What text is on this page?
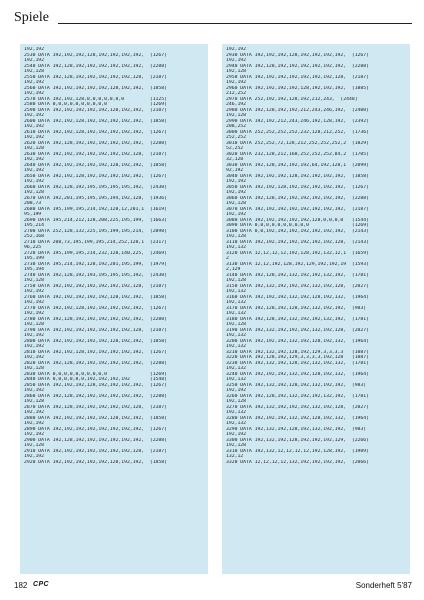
Spiele
192,192
2530 DATA 192,192,192,128,192,192,192,192,  [1267]
192,192
2540 DATA 192,128,192,192,192,192,192,192,  [2288]
192,128
2550 DATA 192,128,192,192,192,192,192,128,  [2187]
192,192
2560 DATA 192,192,192,192,192,128,192,192,  [1858]
192,192
2570 DATA 192,192,128,0,0,0,0,0,0,0         [1125]
2580 DATA 0,0,0,0,0,0,0,0,0,0               [1269]
2590 DATA 192,192,192,192,192,128,192,192,  [2187]
192,192
2600 DATA 192,192,128,192,192,192,192,192,  [1858]
192,192
2610 DATA 192,192,128,192,192,192,192,192,  [1267]
192,192
2620 DATA 192,128,192,192,192,192,192,192,  [2288]
192,128
2630 DATA 192,192,192,192,192,192,192,128,  [2187]
192,192
2640 DATA 192,192,192,192,192,128,192,192,  [1858]
192,192
2650 DATA 192,192,128,192,192,192,192,192,  [1267]
192,192
2660 DATA 192,128,192,195,195,195,195,192,  [2430]
192,128
2670 DATA 192,201,195,195,195,194,192,128,  [1936]
208,73
2680 DATA 195,199,195,214,192,128,12,201,1  [1619]
95,199
2690 DATA 195,214,212,128,208,225,195,199,  [1663]
195,214
2700 DATA 252,128,132,225,195,199,195,214,  [2098]
252,168
2710 DATA 208,73,195,199,195,214,252,128,1  [2317]
96,225
2720 DATA 195,199,195,214,232,128,140,225,  [2469]
195,199
2730 DATA 195,214,192,128,192,201,195,199,  [1979]
195,194
2740 DATA 192,128,192,193,195,195,195,192,  [2430]
192,128
2750 DATA 192,192,192,192,192,192,192,128,  [2187]
192,192
2760 DATA 192,192,192,192,192,128,192,192,  [1858]
192,192
2770 DATA 192,192,128,192,192,192,192,192,  [1267]
192,192
2780 DATA 192,128,192,192,192,192,192,192,  [2288]
192,128
2790 DATA 192,192,192,192,192,192,192,128,  [2187]
192,192
2800 DATA 192,192,192,192,192,128,192,192,  [1858]
192,192
2810 DATA 192,192,128,192,192,192,192,192,  [1267]
192,192
2820 DATA 192,128,192,192,192,192,192,192,  [2288]
192,128
2830 DATA 0,0,0,0,0,0,0,0,0,0               [1269]
2840 DATA 0,0,0,0,0,0,192,192,192,192       [1548]
2850 DATA 192,192,192,128,192,192,192,192,  [1267]
192,192
2860 DATA 192,128,192,192,192,192,192,192,  [2288]
192,128
2870 DATA 192,128,192,192,192,192,192,128,  [2187]
192,192
2880 DATA 192,192,192,192,192,128,192,192,  [1858]
192,192
2890 DATA 192,192,192,192,192,192,192,192,  [1267]
192,192
2900 DATA 192,128,192,192,192,192,192,192,  [2288]
192,128
2910 DATA 192,192,192,192,192,192,192,128,  [2187]
192,192
2920 DATA 192,192,192,192,192,128,192,192,  [1858]
192,192
2930 DATA 192,192,192,128,192,192,192,192,  [1267]
192,192
2940 DATA 192,128,192,192,192,192,192,192,  [2288]
192,128
2950 DATA 192,192,192,192,192,192,192,128,  [2187]
192,192
2960 DATA 192,192,192,192,128,192,192,192,  [1885]
212,252
2970 DATA 252,192,192,128,192,212,243,  [2448]
246,192
2980 DATA 192,128,192,192,212,243,246,192,  [2400]
192,128
2990 DATA 192,192,212,243,246,192,128,192,  [2392]
208,252
3000 DATA 252,252,252,252,232,128,212,252,  [1736]
252,252
3010 DATA 252,252,72,128,212,252,252,252,2  [1829]
52,252
3020 DATA 232,128,212,168,252,252,252,84,2  [1705]
32,128
3030 DATA 192,128,192,192,192,64,192,128,1  [2099]
92,192
3040 DATA 192,192,192,128,192,192,192,192,  [1858]
192,192
3050 DATA 192,192,128,192,192,192,192,192,  [1267]
192,192
3060 DATA 192,128,192,192,192,192,192,192,  [2288]
192,128
3070 DATA 192,192,192,192,192,192,192,192,  [2187]
192,192
3080 DATA 192,192,192,192,192,128,0,0,0,0   [1544]
3090 DATA 0,0,0,0,0,0,0,0,0,0               [1269]
3100 DATA 0,0,192,192,192,192,192,192,192,  [2143]
192,128
3110 DATA 192,192,192,192,192,192,192,128,  [2143]
192,132
3120 DATA 12,12,12,12,192,128,192,132,12,1  [1659]
2
3130 DATA 12,12,192,128,192,129,192,192,19  [1593]
2,129
3140 DATA 192,128,192,132,192,192,132,192,  [1781]
192,128
3150 DATA 192,132,192,192,192,132,192,128,  [2027]
192,132
3160 DATA 192,192,192,132,192,128,192,132,  [1964]
192,132
3170 DATA 192,128,192,128,192,132,192,192,  [983]
192,132
3180 DATA 192,128,192,132,192,192,132,192,  [1781]
192,128
3190 DATA 192,132,192,192,192,132,192,128,  [2027]
192,132
3200 DATA 192,192,192,132,192,128,192,132,  [1964]
192,132
3210 DATA 192,132,192,128,192,129,3,3,3,3   [1087]
3220 DATA 192,128,192,129,3,3,3,3,192,128   [1087]
3230 DATA 192,132,192,128,192,132,192,132,  [1781]
192,132
3240 DATA 192,192,192,132,192,128,192,132,  [1964]
192,132
3250 DATA 192,132,192,128,192,132,192,192,  [983]
192,192
3260 DATA 192,128,192,132,192,192,132,192,  [1781]
192,128
3270 DATA 192,132,192,192,192,132,192,128,  [2027]
192,132
3280 DATA 192,192,192,132,192,128,192,132,  [1964]
192,132
3290 DATA 192,132,192,128,192,132,192,192,  [983]
192,192
3300 DATA 192,132,192,128,192,192,192,129,  [2266]
192,128
3310 DATA 192,132,12,12,12,12,192,128,192,  [1909]
132,12
3320 DATA 12,12,12,12,132,192,192,192,192,  [2066]
182 CPC	Sonderheft 5'87
